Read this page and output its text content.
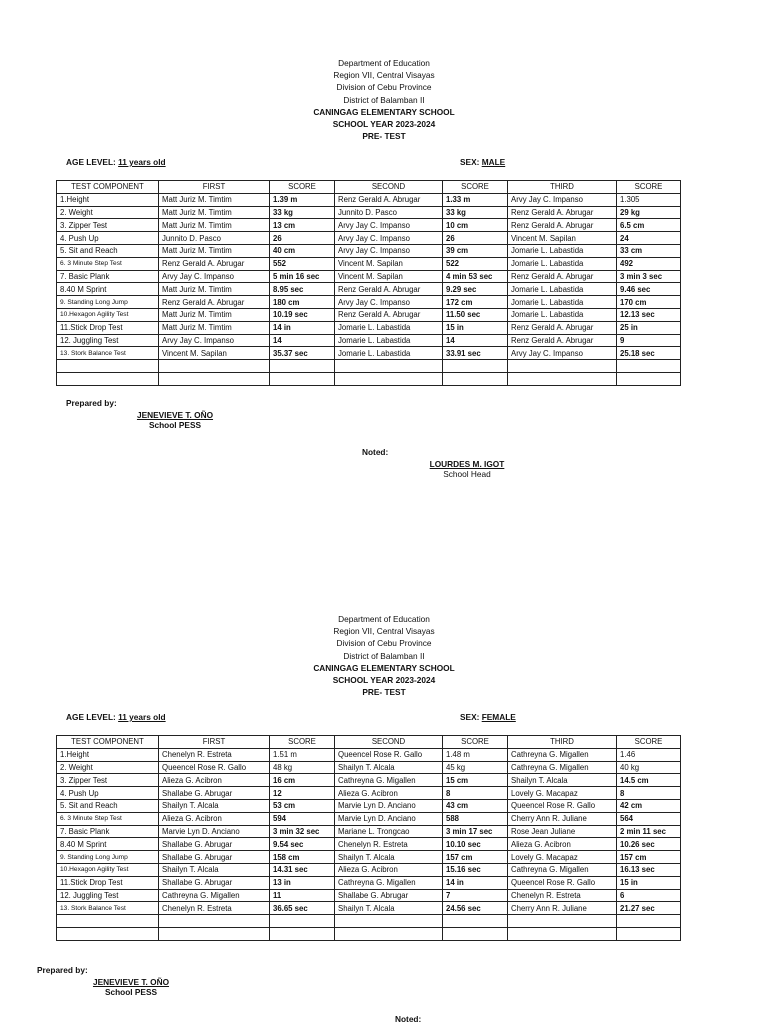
Department of Education
Region VII, Central Visayas
Division of Cebu Province
District of Balamban II
CANINGAG ELEMENTARY SCHOOL
SCHOOL YEAR 2023-2024
PRE- TEST
AGE LEVEL: 11 years old	SEX: MALE
TEST COMPONENT	FIRST	SCORE	SECOND	SCORE	THIRD	SCORE
1.Height	Matt Juriz M. Timtim	1.39 m	Renz Gerald A. Abrugar	1.33 m	Arvy Jay C. Impanso	1.305
2. Weight	Matt Juriz M. Timtim	33 kg	Junnito D. Pasco	33 kg	Renz Gerald A. Abrugar	29 kg
3. Zipper Test	Matt Juriz M. Timtim	13 cm	Arvy Jay C. Impanso	10 cm	Renz Gerald A. Abrugar	6.5 cm
4. Push Up	Junnito D. Pasco	26	Arvy Jay C. Impanso	26	Vincent M. Sapilan	24
5. Sit and Reach	Matt Juriz M. Timtim	40 cm	Arvy Jay C. Impanso	39 cm	Jomarie L. Labastida	33 cm
6. 3 Minute Step Test	Renz Gerald A. Abrugar	552	Vincent M. Sapilan	522	Jomarie L. Labastida	492
7. Basic Plank	Arvy Jay C. Impanso	5 min 16 sec	Vincent M. Sapilan	4 min 53 sec	Renz Gerald A. Abrugar	3 min 3 sec
8.40 M Sprint	Matt Juriz M. Timtim	8.95 sec	Renz Gerald A. Abrugar	9.29 sec	Jomarie L. Labastida	9.46 sec
9. Standing Long Jump	Renz Gerald A. Abrugar	180 cm	Arvy Jay C. Impanso	172 cm	Jomarie L. Labastida	170 cm
10.Hexagon Agility Test	Matt Juriz M. Timtim	10.19 sec	Renz Gerald A. Abrugar	11.50 sec	Jomarie L. Labastida	12.13 sec
11.Stick Drop Test	Matt Juriz M. Timtim	14 in	Jomarie L. Labastida	15 in	Renz Gerald A. Abrugar	25 in
12. Juggling Test	Arvy Jay C. Impanso	14	Jomarie L. Labastida	14	Renz Gerald A. Abrugar	9
13. Stork Balance Test	Vincent M. Sapilan	35.37 sec	Jomarie L. Labastida	33.91 sec	Arvy Jay C. Impanso	25.18 sec

Prepared by:
JENEVIEVE T. OÑO
School PESS
Noted:
LOURDES M. IGOT
School Head
Department of Education
Region VII, Central Visayas
Division of Cebu Province
District of Balamban II
CANINGAG ELEMENTARY SCHOOL
SCHOOL YEAR 2023-2024
PRE- TEST
AGE LEVEL: 11 years old	SEX: FEMALE
TEST COMPONENT	FIRST	SCORE	SECOND	SCORE	THIRD	SCORE
1.Height	Chenelyn R. Estreta	1.51 m	Queencel Rose R. Gallo	1.48 m	Cathreyna G. Migallen	1.46
2. Weight	Queencel Rose R. Gallo	48 kg	Shailyn T. Alcala	45 kg	Cathreyna G. Migallen	40 kg
3. Zipper Test	Alieza G. Acibron	16 cm	Cathreyna G. Migallen	15 cm	Shailyn T. Alcala	14.5 cm
4. Push Up	Shallabe G. Abrugar	12	Alieza G. Acibron	8	Lovely G. Macapaz	8
5. Sit and Reach	Shailyn T. Alcala	53 cm	Marvie Lyn D. Anciano	43 cm	Queencel Rose R. Gallo	42 cm
6. 3 Minute Step Test	Alieza G. Acibron	594	Marvie Lyn D. Anciano	588	Cherry Ann R. Juliane	564
7. Basic Plank	Marvie Lyn D. Anciano	3 min 32 sec	Mariane L. Trongcao	3 min 17 sec	Rose Jean Juliane	2 min 11 sec
8.40 M Sprint	Shallabe G. Abrugar	9.54 sec	Chenelyn R. Estreta	10.10 sec	Alieza G. Acibron	10.26 sec
9. Standing Long Jump	Shallabe G. Abrugar	158 cm	Shailyn T. Alcala	157 cm	Lovely G. Macapaz	157 cm
10.Hexagon Agility Test	Shailyn T. Alcala	14.31 sec	Alieza G. Acibron	15.16 sec	Cathreyna G. Migallen	16.13 sec
11.Stick Drop Test	Shallabe G. Abrugar	13 in	Cathreyna G. Migallen	14 in	Queencel Rose R. Gallo	15 in
12. Juggling Test	Cathreyna G. Migallen	11	Shallabe G. Abrugar	7	Chenelyn R. Estreta	6
13. Stork Balance Test	Chenelyn R. Estreta	36.65 sec	Shailyn T. Alcala	24.56 sec	Cherry Ann R. Juliane	21.27 sec

Prepared by:
JENEVIEVE T. OÑO
School PESS
Noted:
